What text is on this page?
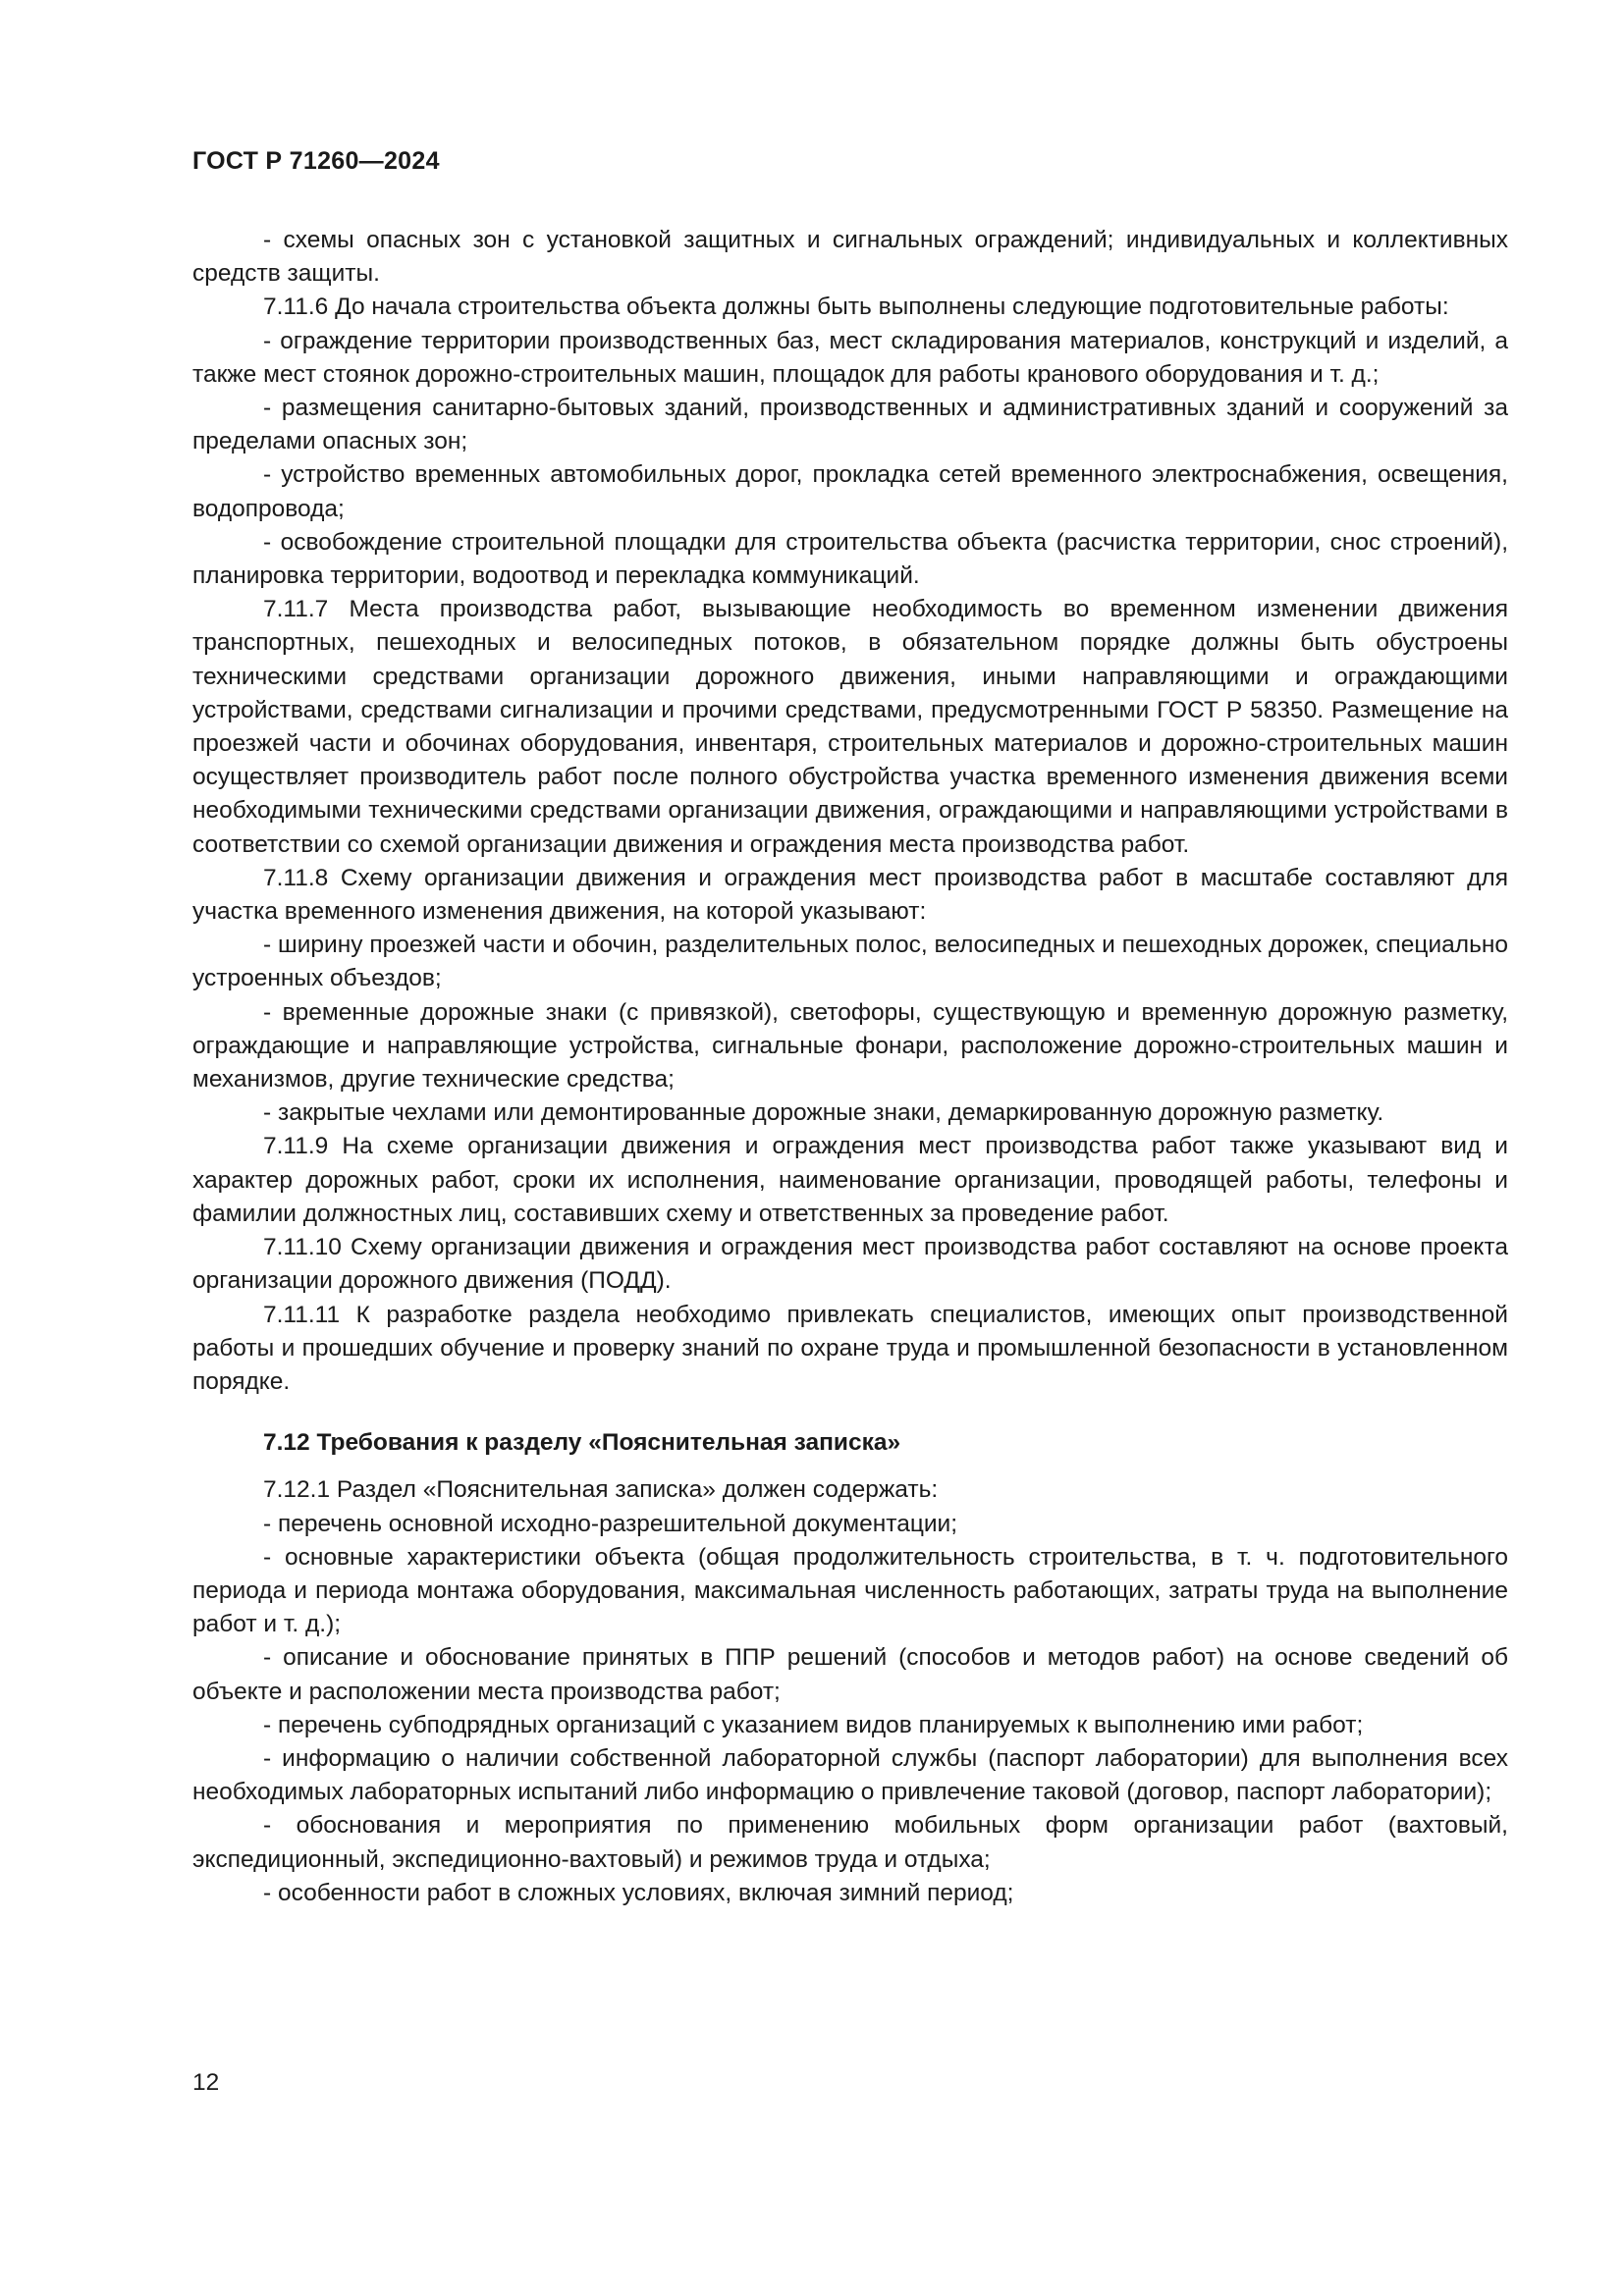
ГОСТ Р 71260—2024

- схемы опасных зон с установкой защитных и сигнальных ограждений; индивидуальных и коллективных средств защиты.

7.11.6 До начала строительства объекта должны быть выполнены следующие подготовительные работы:

- ограждение территории производственных баз, мест складирования материалов, конструкций и изделий, а также мест стоянок дорожно-строительных машин, площадок для работы кранового оборудования и т. д.;

- размещения санитарно-бытовых зданий, производственных и административных зданий и сооружений за пределами опасных зон;

- устройство временных автомобильных дорог, прокладка сетей временного электроснабжения, освещения, водопровода;

- освобождение строительной площадки для строительства объекта (расчистка территории, снос строений), планировка территории, водоотвод и перекладка коммуникаций.

7.11.7 Места производства работ, вызывающие необходимость во временном изменении движения транспортных, пешеходных и велосипедных потоков, в обязательном порядке должны быть обустроены техническими средствами организации дорожного движения, иными направляющими и ограждающими устройствами, средствами сигнализации и прочими средствами, предусмотренными ГОСТ Р 58350. Размещение на проезжей части и обочинах оборудования, инвентаря, строительных материалов и дорожно-строительных машин осуществляет производитель работ после полного обустройства участка временного изменения движения всеми необходимыми техническими средствами организации движения, ограждающими и направляющими устройствами в соответствии со схемой организации движения и ограждения места производства работ.

7.11.8 Схему организации движения и ограждения мест производства работ в масштабе составляют для участка временного изменения движения, на которой указывают:

- ширину проезжей части и обочин, разделительных полос, велосипедных и пешеходных дорожек, специально устроенных объездов;

- временные дорожные знаки (с привязкой), светофоры, существующую и временную дорожную разметку, ограждающие и направляющие устройства, сигнальные фонари, расположение дорожно-строительных машин и механизмов, другие технические средства;

- закрытые чехлами или демонтированные дорожные знаки, демаркированную дорожную разметку.

7.11.9 На схеме организации движения и ограждения мест производства работ также указывают вид и характер дорожных работ, сроки их исполнения, наименование организации, проводящей работы, телефоны и фамилии должностных лиц, составивших схему и ответственных за проведение работ.

7.11.10 Схему организации движения и ограждения мест производства работ составляют на основе проекта организации дорожного движения (ПОДД).

7.11.11 К разработке раздела необходимо привлекать специалистов, имеющих опыт производственной работы и прошедших обучение и проверку знаний по охране труда и промышленной безопасности в установленном порядке.

7.12 Требования к разделу «Пояснительная записка»

7.12.1 Раздел «Пояснительная записка» должен содержать:

- перечень основной исходно-разрешительной документации;

- основные характеристики объекта (общая продолжительность строительства, в т. ч. подготовительного периода и периода монтажа оборудования, максимальная численность работающих, затраты труда на выполнение работ и т. д.);

- описание и обоснование принятых в ППР решений (способов и методов работ) на основе сведений об объекте и расположении места производства работ;

- перечень субподрядных организаций с указанием видов планируемых к выполнению ими работ;

- информацию о наличии собственной лабораторной службы (паспорт лаборатории) для выполнения всех необходимых лабораторных испытаний либо информацию о привлечение таковой (договор, паспорт лаборатории);

- обоснования и мероприятия по применению мобильных форм организации работ (вахтовый, экспедиционный, экспедиционно-вахтовый) и режимов труда и отдыха;

- особенности работ в сложных условиях, включая зимний период;

12
